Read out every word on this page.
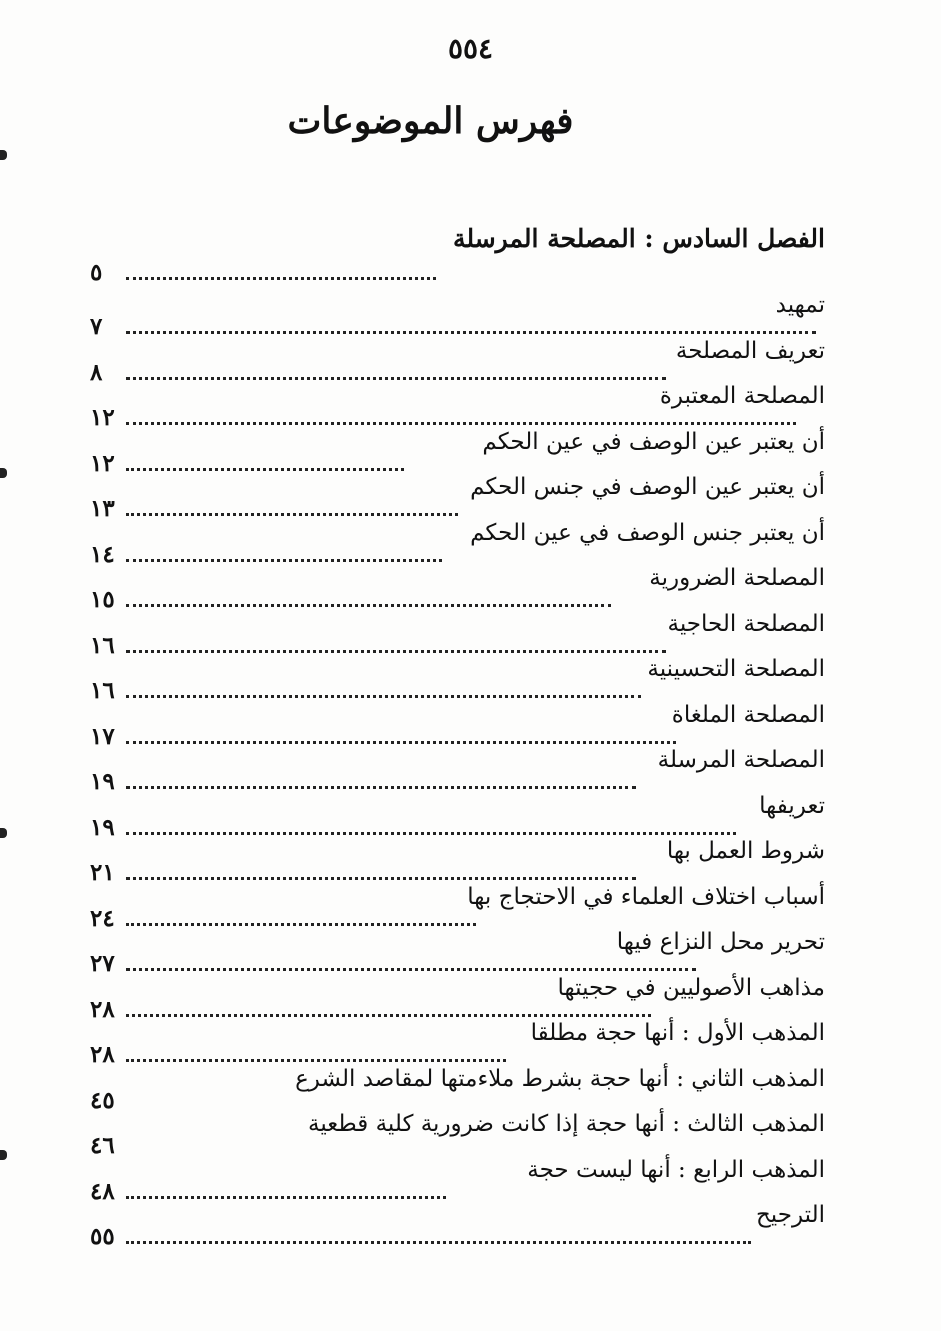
٥٥٤
فهرس الموضوعات
الفصل السادس : المصلحة المرسلة
٥
تمهيد
٧
تعريف المصلحة
٨
المصلحة المعتبرة
١٢
أن يعتبر عين الوصف في عين الحكم
١٢
أن يعتبر عين الوصف في جنس الحكم
١٣
أن يعتبر جنس الوصف في عين الحكم
١٤
المصلحة الضرورية
١٥
المصلحة الحاجية
١٦
المصلحة التحسينية
١٦
المصلحة الملغاة
١٧
المصلحة المرسلة
١٩
تعريفها
١٩
شروط العمل بها
٢١
أسباب اختلاف العلماء في الاحتجاج بها
٢٤
تحرير محل النزاع فيها
٢٧
مذاهب الأصوليين في حجيتها
٢٨
المذهب الأول : أنها حجة مطلقا
٢٨
المذهب الثاني : أنها حجة بشرط ملاءمتها لمقاصد الشرع
٤٥
المذهب الثالث : أنها حجة إذا كانت ضرورية كلية قطعية
٤٦
المذهب الرابع : أنها ليست حجة
٤٨
الترجيح
٥٥
